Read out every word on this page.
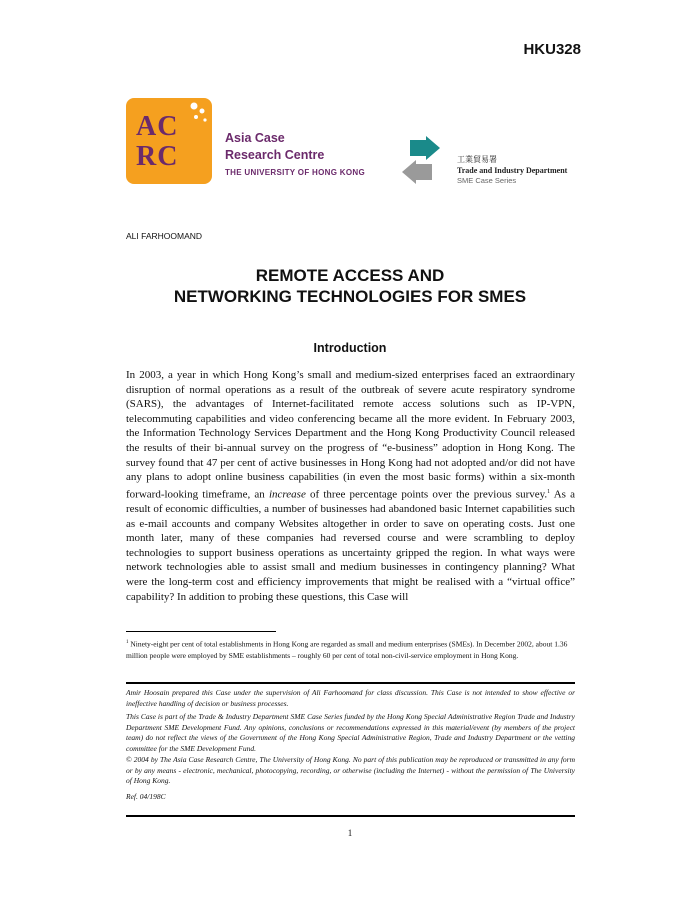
HKU328
AC
RC
Asia Case
Research Centre
THE UNIVERSITY OF HONG KONG
工業貿易署
Trade and Industry Department
SME Case Series
ALI FARHOOMAND
REMOTE ACCESS AND
NETWORKING TECHNOLOGIES FOR SMES
Introduction

In 2003, a year in which Hong Kong’s small and medium-sized enterprises faced an extraordinary disruption of normal operations as a result of the outbreak of severe acute respiratory syndrome (SARS), the advantages of Internet-facilitated remote access solutions such as IP-VPN, telecommuting capabilities and video conferencing became all the more evident. In February 2003, the Information Technology Services Department and the Hong Kong Productivity Council released the results of their bi-annual survey on the progress of “e-business” adoption in Hong Kong. The survey found that 47 per cent of active businesses in Hong Kong had not adopted and/or did not have any plans to adopt online business capabilities (in even the most basic forms) within a six-month forward-looking timeframe, an increase of three percentage points over the previous survey.$^1$ As a result of economic difficulties, a number of businesses had abandoned basic Internet capabilities such as e-mail accounts and company Websites altogether in order to save on operating costs. Just one month later, many of these companies had reversed course and were scrambling to deploy technologies to support business operations as uncertainty gripped the region. In what ways were network technologies able to assist small and medium businesses in contingency planning? What were the long-term cost and efficiency improvements that might be realised with a “virtual office” capability? In addition to probing these questions, this Case will

$^1$ Ninety-eight per cent of total establishments in Hong Kong are regarded as small and medium enterprises (SMEs). In December 2002, about 1.36 million people were employed by SME establishments – roughly 60 per cent of total non-civil-service employment in Hong Kong.
Amir Hoosain prepared this Case under the supervision of Ali Farhoomand for class discussion. This Case is not intended to show effective or ineffective handling of decision or business processes.
This Case is part of the Trade & Industry Department SME Case Series funded by the Hong Kong Special Administrative Region Trade and Industry Department SME Development Fund. Any opinions, conclusions or recommendations expressed in this material/event (by members of the project team) do not reflect the views of the Government of the Hong Kong Special Administrative Region, Trade and Industry Department or the vetting committee for the SME Development Fund.
© 2004 by The Asia Case Research Centre, The University of Hong Kong. No part of this publication may be reproduced or transmitted in any form or by any means - electronic, mechanical, photocopying, recording, or otherwise (including the Internet) - without the permission of The University of Hong Kong.
Ref. 04/198C
1
